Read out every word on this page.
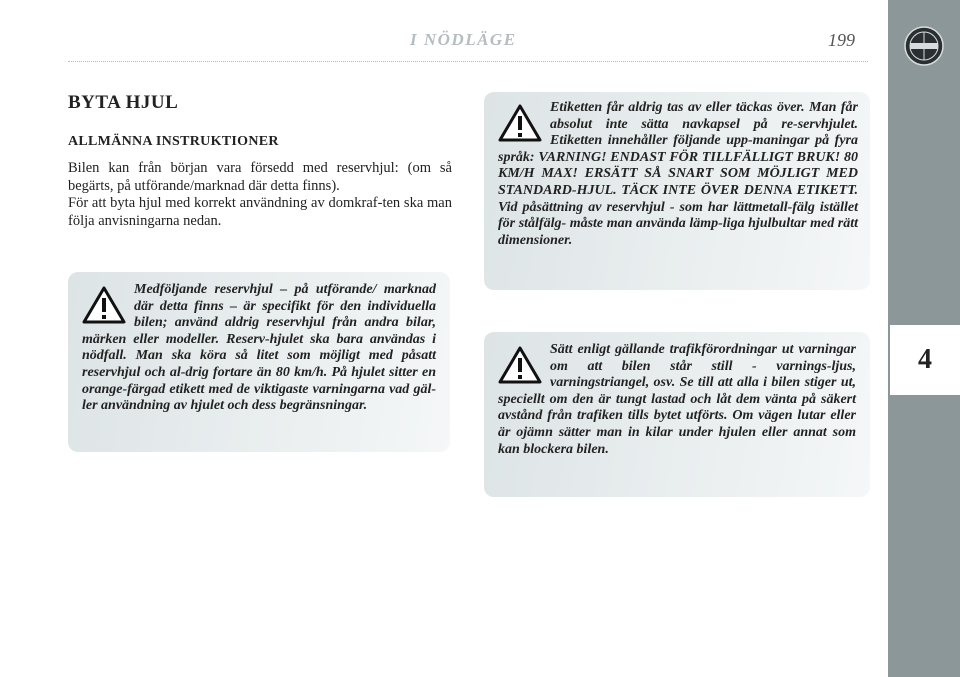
4
I NÖDLÄGE	199
BYTA HJUL
ALLMÄNNA INSTRUKTIONER

Bilen kan från början vara försedd med reservhjul: (om så begärts, på utförande/marknad där detta finns).

För att byta hjul med korrekt användning av domkraf-ten ska man följa anvisningarna nedan.

Medföljande reservhjul – på utförande/ marknad där detta finns – är specifikt för den individuella bilen; använd aldrig reservhjul från andra bilar, märken eller modeller. Reserv-hjulet ska bara användas i nödfall. Man ska köra så litet som möjligt med påsatt reservhjul och al-drig fortare än 80 km/h. På hjulet sitter en orange-färgad etikett med de viktigaste varningarna vad gäl-ler användning av hjulet och dess begränsningar.

Etiketten får aldrig tas av eller täckas över. Man får absolut inte sätta navkapsel på re-servhjulet. Etiketten innehåller följande upp-maningar på fyra språk: VARNING! ENDAST FÖR TILLFÄLLIGT BRUK! 80 KM/H MAX! ERSÄTT SÅ SNART SOM MÖJLIGT MED STANDARD-HJUL. TÄCK INTE ÖVER DENNA ETIKETT. Vid påsättning av reservhjul - som har lättmetall-fälg istället för stålfälg- måste man använda lämp-liga hjulbultar med rätt dimensioner.

Sätt enligt gällande trafikförordningar ut varningar om att bilen står still - varnings-ljus, varningstriangel, osv. Se till att alla i bilen stiger ut, speciellt om den är tungt lastad och låt dem vänta på säkert avstånd från trafiken tills bytet utförts. Om vägen lutar eller är ojämn sätter man in kilar under hjulen eller annat som kan blockera bilen.
